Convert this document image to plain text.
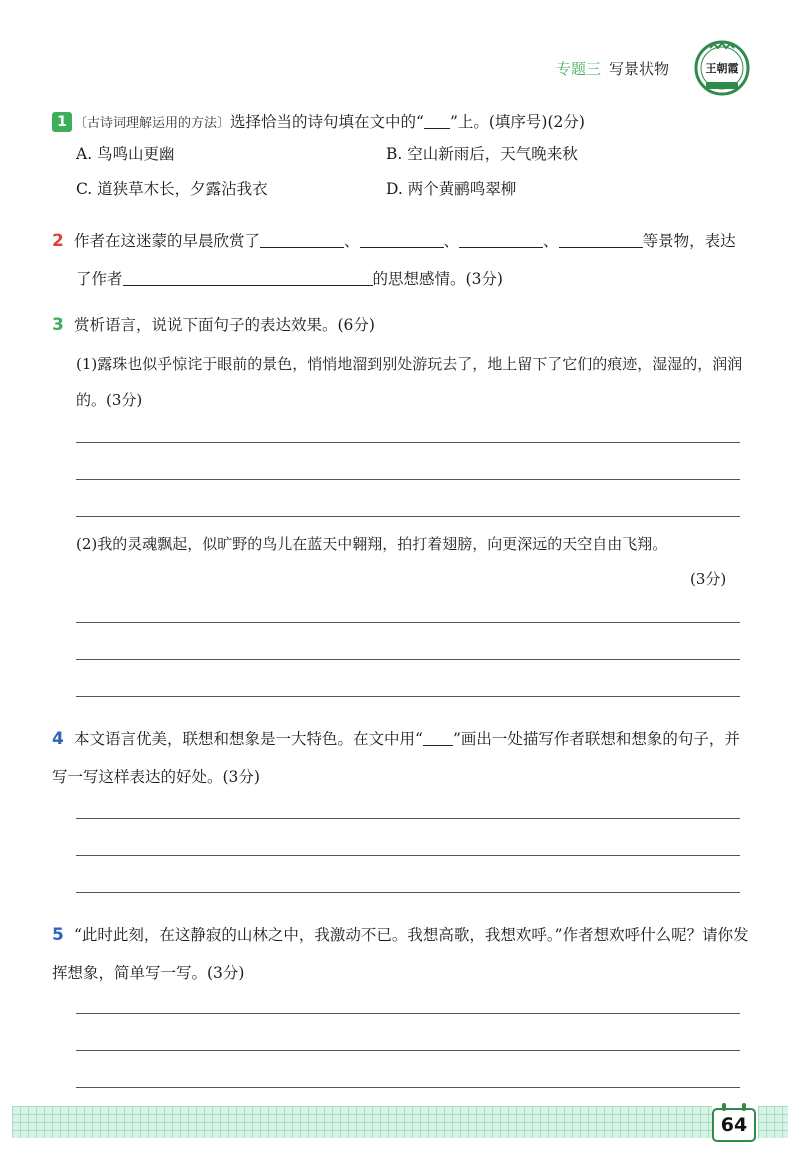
专题三 写景状物	王朝霞
1 〔古诗词理解运用的方法〕选择恰当的诗句填在文中的“ ”上。(填序号)(2分)
A. 鸟鸣山更幽	B. 空山新雨后，天气晚来秋
C. 道狭草木长，夕露沾我衣	D. 两个黄鹂鸣翠柳
2 作者在这迷蒙的早晨欣赏了	、	、	、	等景物，表达
了作者	的思想感情。(3分)
3 赏析语言，说说下面句子的表达效果。(6分)
(1)露珠也似乎惊诧于眼前的景色，悄悄地溜到别处游玩去了，地上留下了它们的痕迹，湿湿的，润润的。(3分)
(2)我的灵魂飘起，似旷野的鸟儿在蓝天中翱翔，拍打着翅膀，向更深远的天空自由飞翔。
(3分)
4 本文语言优美，联想和想象是一大特色。在文中用“ ”画出一处描写作者联想和想象的句子，并写一写这样表达的好处。(3分)
5 “此时此刻，在这静寂的山林之中，我激动不已。我想高歌，我想欢呼。”作者想欢呼什么呢？请你发挥想象，简单写一写。(3分)
64
